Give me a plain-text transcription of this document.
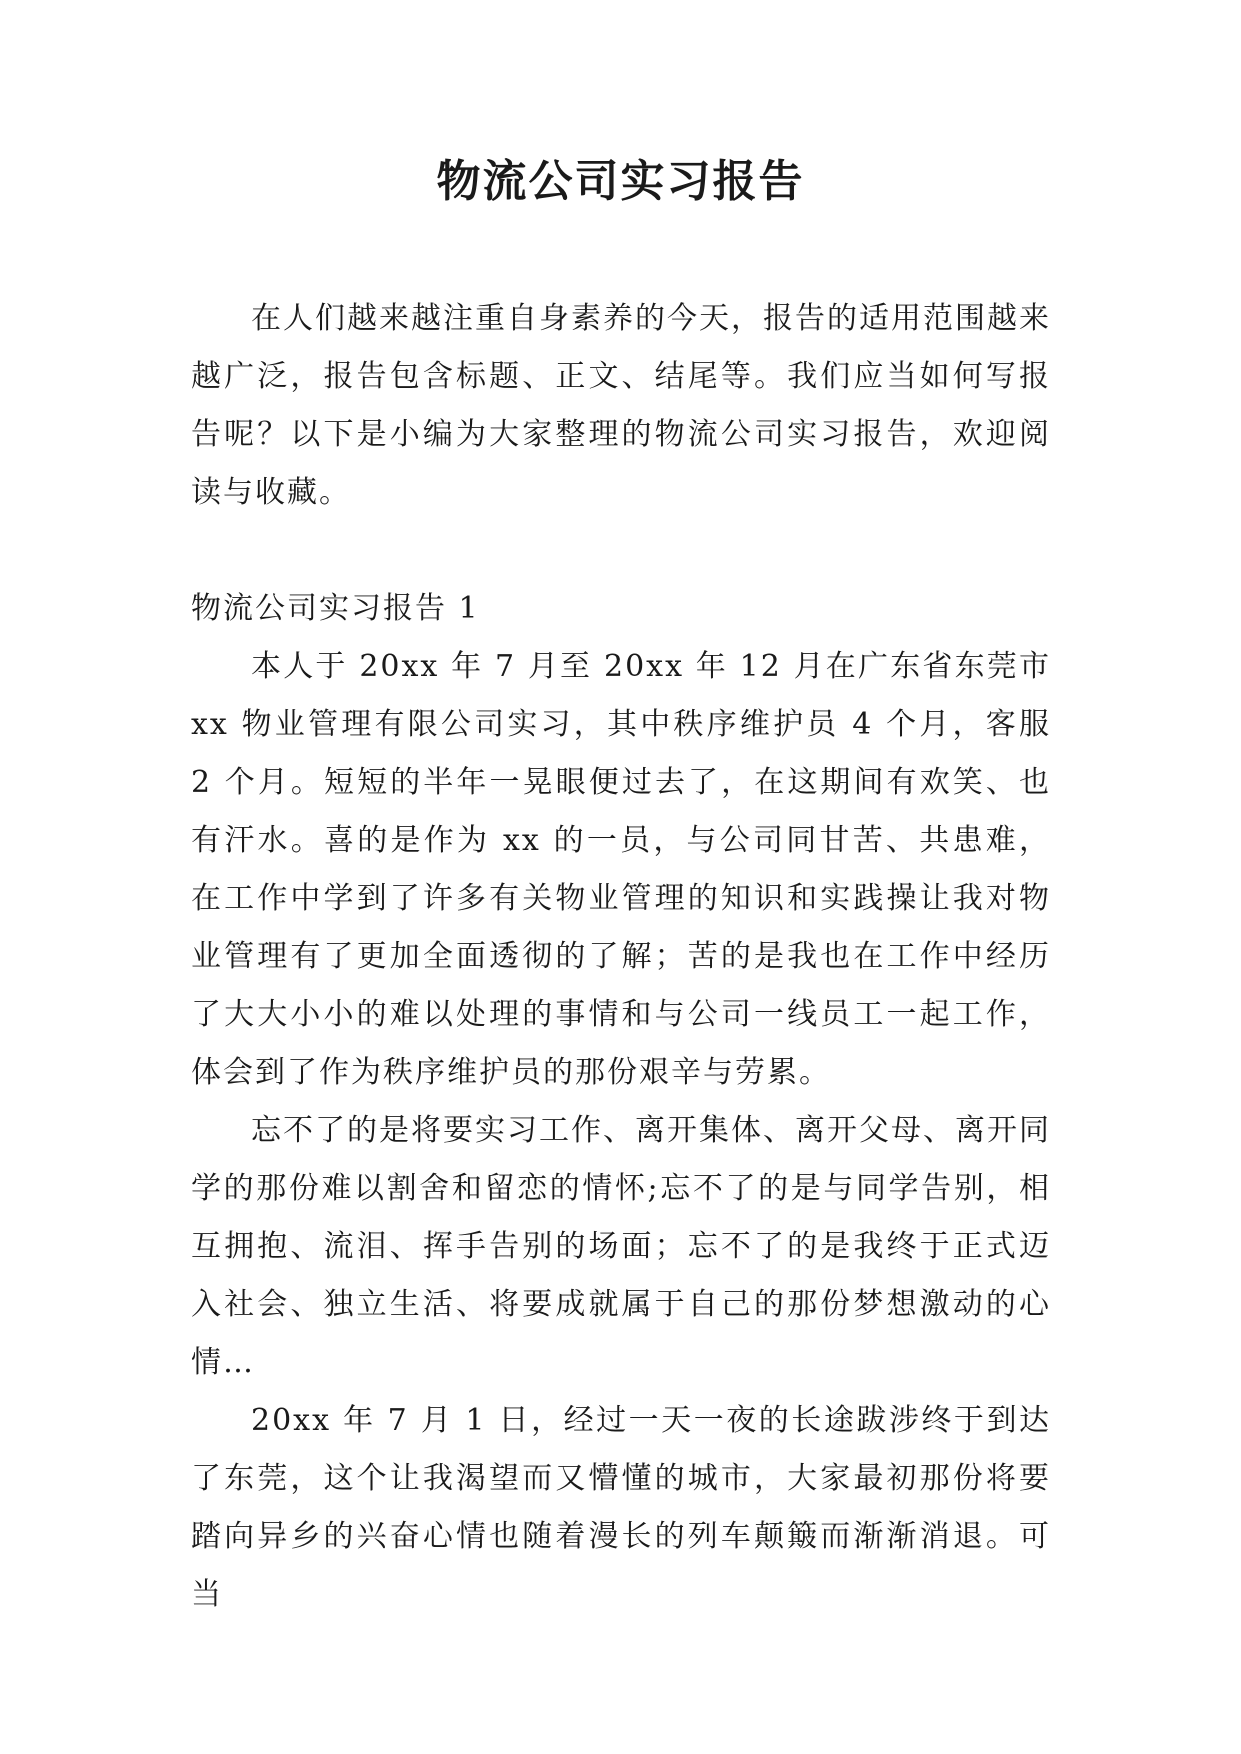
物流公司实习报告

在人们越来越注重自身素养的今天，报告的适用范围越来越广泛，报告包含标题、正文、结尾等。我们应当如何写报告呢？以下是小编为大家整理的物流公司实习报告，欢迎阅读与收藏。

物流公司实习报告 1

本人于 20xx 年 7 月至 20xx 年 12 月在广东省东莞市 xx 物业管理有限公司实习，其中秩序维护员 4 个月，客服 2 个月。短短的半年一晃眼便过去了，在这期间有欢笑、也有汗水。喜的是作为 xx 的一员，与公司同甘苦、共患难，在工作中学到了许多有关物业管理的知识和实践操让我对物业管理有了更加全面透彻的了解；苦的是我也在工作中经历了大大小小的难以处理的事情和与公司一线员工一起工作，体会到了作为秩序维护员的那份艰辛与劳累。

忘不了的是将要实习工作、离开集体、离开父母、离开同学的那份难以割舍和留恋的情怀;忘不了的是与同学告别，相互拥抱、流泪、挥手告别的场面；忘不了的是我终于正式迈入社会、独立生活、将要成就属于自己的那份梦想激动的心情…

20xx 年 7 月 1 日，经过一天一夜的长途跋涉终于到达了东莞，这个让我渴望而又懵懂的城市，大家最初那份将要踏向异乡的兴奋心情也随着漫长的列车颠簸而渐渐消退。可当
